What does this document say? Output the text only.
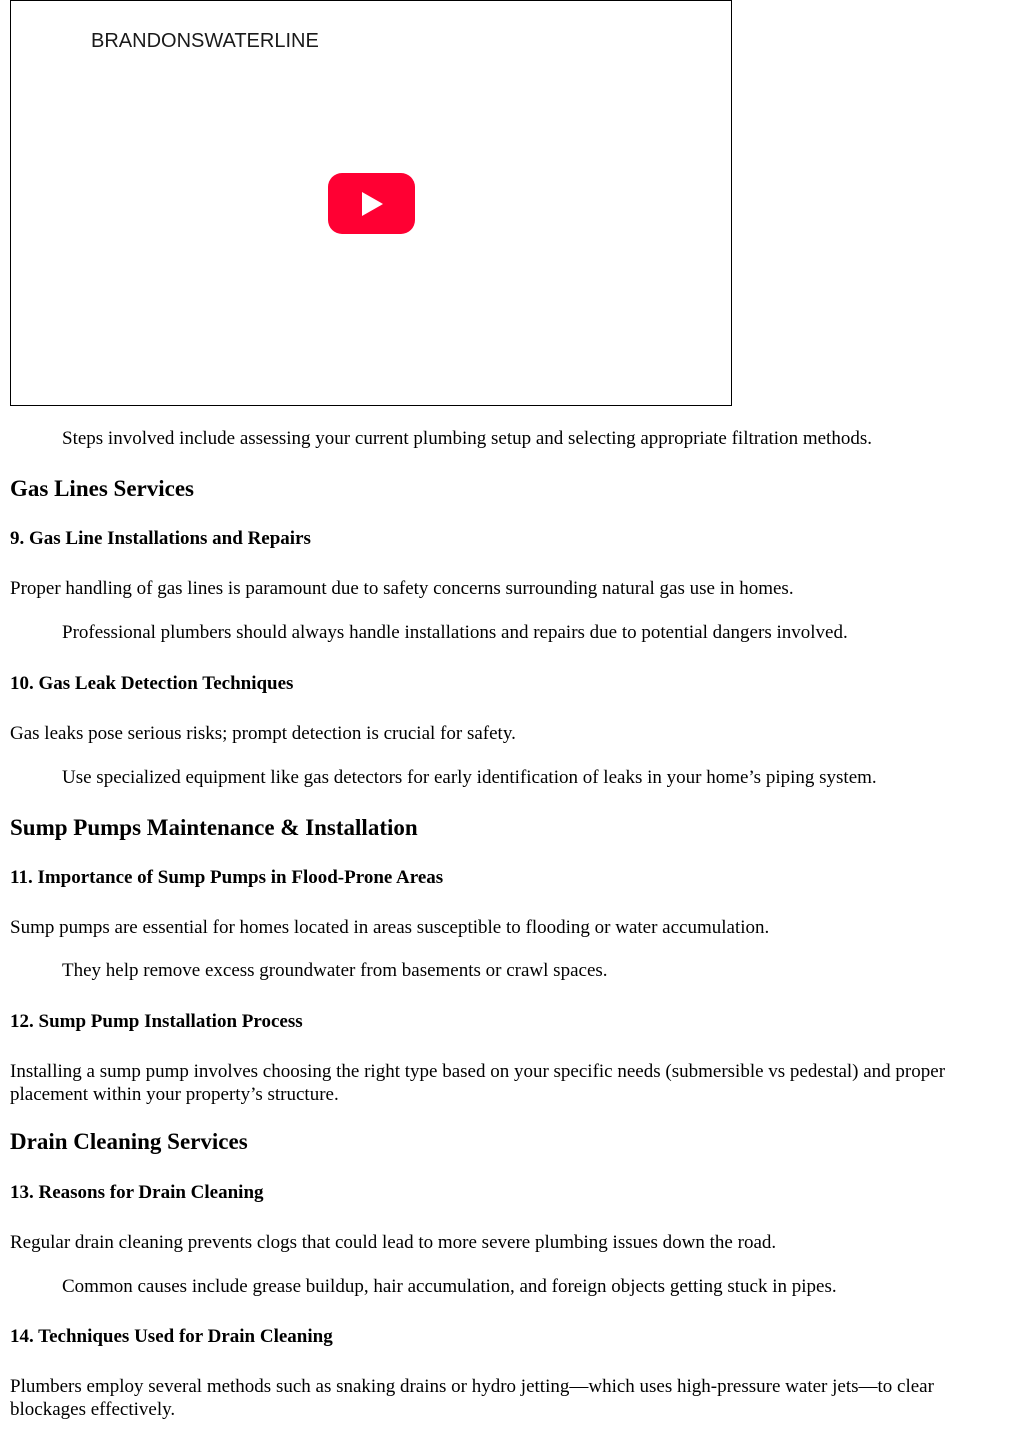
BRANDONSWATERLINE

Steps involved include assessing your current plumbing setup and selecting appropriate filtration methods.

Gas Lines Services
9. Gas Line Installations and Repairs

Proper handling of gas lines is paramount due to safety concerns surrounding natural gas use in homes.

Professional plumbers should always handle installations and repairs due to potential dangers involved.

10. Gas Leak Detection Techniques

Gas leaks pose serious risks; prompt detection is crucial for safety.

Use specialized equipment like gas detectors for early identification of leaks in your home’s piping system.

Sump Pumps Maintenance & Installation
11. Importance of Sump Pumps in Flood-Prone Areas

Sump pumps are essential for homes located in areas susceptible to flooding or water accumulation.

They help remove excess groundwater from basements or crawl spaces.

12. Sump Pump Installation Process

Installing a sump pump involves choosing the right type based on your specific needs (submersible vs pedestal) and proper placement within your property’s structure.

Drain Cleaning Services
13. Reasons for Drain Cleaning

Regular drain cleaning prevents clogs that could lead to more severe plumbing issues down the road.

Common causes include grease buildup, hair accumulation, and foreign objects getting stuck in pipes.

14. Techniques Used for Drain Cleaning

Plumbers employ several methods such as snaking drains or hydro jetting—which uses high-pressure water jets—to clear blockages effectively.
